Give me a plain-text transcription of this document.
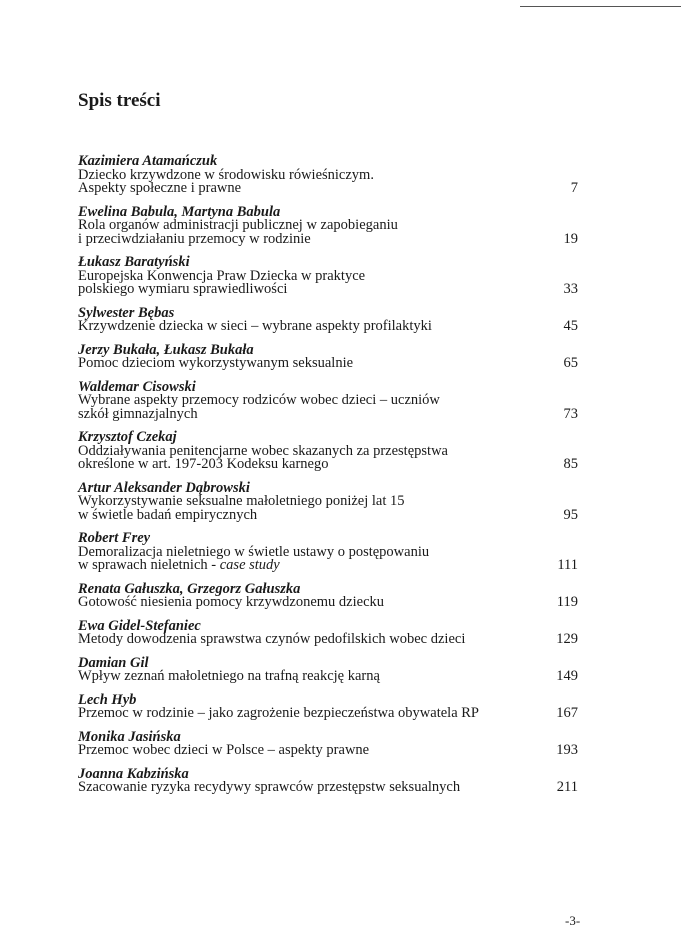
Spis treści
Kazimiera Atamańczuk
Dziecko krzywdzone w środowisku rówieśniczym.
Aspekty społeczne i prawne	7
Ewelina Babula, Martyna Babula
Rola organów administracji publicznej w zapobieganiu
i przeciwdziałaniu przemocy w rodzinie	19
Łukasz Baratyński
Europejska Konwencja Praw Dziecka w praktyce
polskiego wymiaru sprawiedliwości	33
Sylwester Bębas
Krzywdzenie dziecka w sieci – wybrane aspekty profilaktyki	45
Jerzy Bukała, Łukasz Bukała
Pomoc dzieciom wykorzystywanym seksualnie	65
Waldemar Cisowski
Wybrane aspekty przemocy rodziców wobec dzieci – uczniów
szkół gimnazjalnych	73
Krzysztof Czekaj
Oddziaływania penitencjarne wobec skazanych za przestępstwa
określone w art. 197-203 Kodeksu karnego	85
Artur Aleksander Dąbrowski
Wykorzystywanie seksualne małoletniego poniżej lat 15
w świetle badań empirycznych	95
Robert Frey
Demoralizacja nieletniego w świetle ustawy o postępowaniu
w sprawach nieletnich - case study	111
Renata Gałuszka, Grzegorz Gałuszka
Gotowość niesienia pomocy krzywdzonemu dziecku	119
Ewa Gidel-Stefaniec
Metody dowodzenia sprawstwa czynów pedofilskich wobec dzieci	129
Damian Gil
Wpływ zeznań małoletniego na trafną reakcję karną	149
Lech Hyb
Przemoc w rodzinie – jako zagrożenie bezpieczeństwa obywatela RP	167
Monika Jasińska
Przemoc wobec dzieci w Polsce – aspekty prawne	193
Joanna Kabzińska
Szacowanie ryzyka recydywy sprawców przestępstw seksualnych	211
-3-
